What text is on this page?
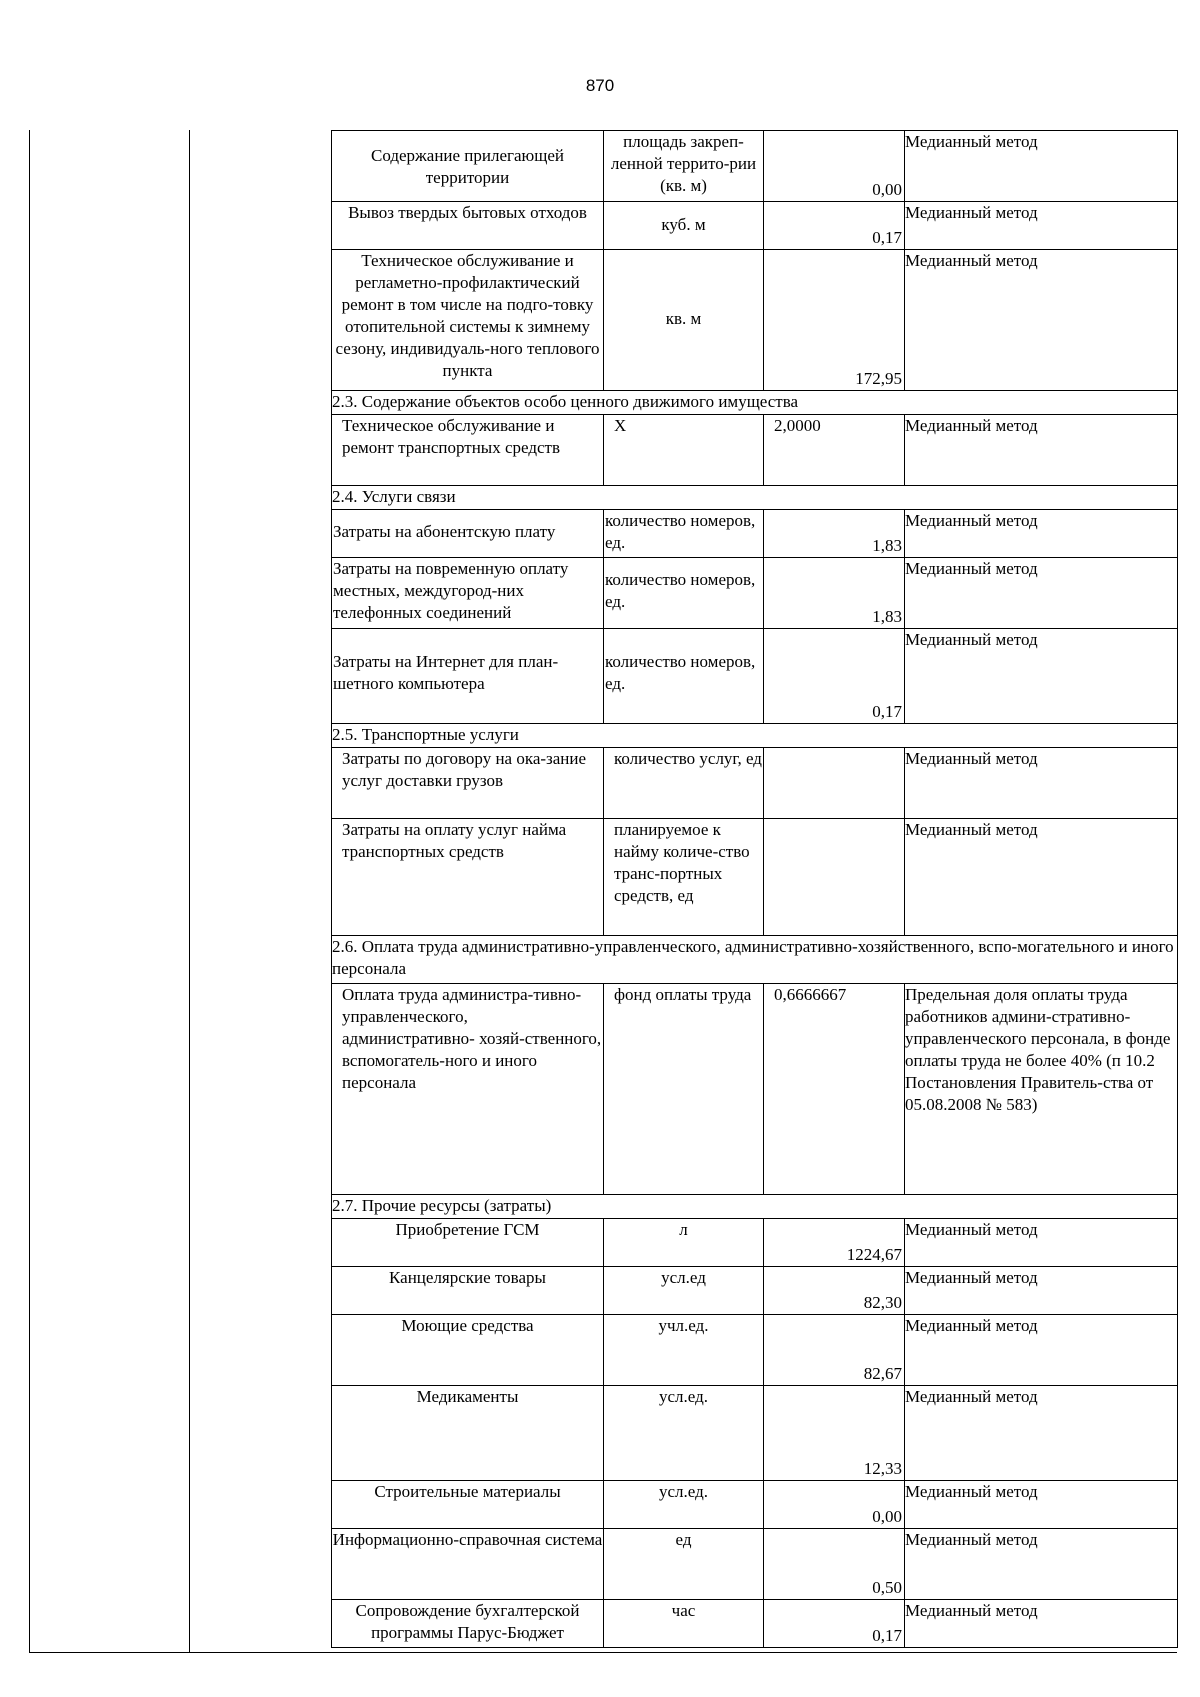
870
Содержание прилегающей территории	площадь закреп-ленной террито-рии (кв. м)	0,00	Медианный метод
Вывоз твердых бытовых отходов	куб. м	0,17	Медианный метод
Техническое обслуживание и регламетно-профилактический ремонт в том числе на подго-товку отопительной системы к зимнему сезону, индивидуаль-ного теплового пункта	кв. м	172,95	Медианный метод
2.3. Содержание объектов особо ценного движимого имущества			
Техническое обслуживание и ремонт транспортных средств	Х	2,0000	Медианный метод
2.4. Услуги связи			

Затраты на абонентскую плату	количество номеров, ед.	1,83	Медианный метод
Затраты на повременную оплату местных, междугород-них телефонных соединений	количество номеров, ед.	1,83	Медианный метод

Затраты на Интернет для план-шетного компьютера	количество номеров, ед.	0,17	Медианный метод
2.5. Транспортные услуги			
Затраты по договору на ока-зание услуг доставки грузов	количество услуг, ед		Медианный метод
Затраты на оплату услуг найма транспортных средств	планируемое к найму количе-ство транс-портных средств, ед		Медианный метод
2.6. Оплата труда административно-управленческого, административно-хозяйственного, вспо-могательного и иного персонала			
Оплата труда администра-тивно- управленческого, административно- хозяй-ственного, вспомогатель-ного и иного персонала	фонд оплаты труда	0,6666667	Предельная доля оплаты труда работников админи-стративно- управленческого персонала, в фонде оплаты труда не более 40% (п 10.2 Постановления Правитель-ства от 05.08.2008 № 583)
2.7. Прочие ресурсы (затраты)			
Приобретение ГСМ	л	1224,67	Медианный метод
Канцелярские товары	усл.ед	82,30	Медианный метод
Моющие средства	учл.ед.	82,67	Медианный метод
Медикаменты	усл.ед.	12,33	Медианный метод
Строительные материалы	усл.ед.	0,00	Медианный метод
Информационно-справочная система	ед	0,50	Медианный метод
Сопровождение бухгалтерской программы Парус-Бюджет	час	0,17	Медианный метод
